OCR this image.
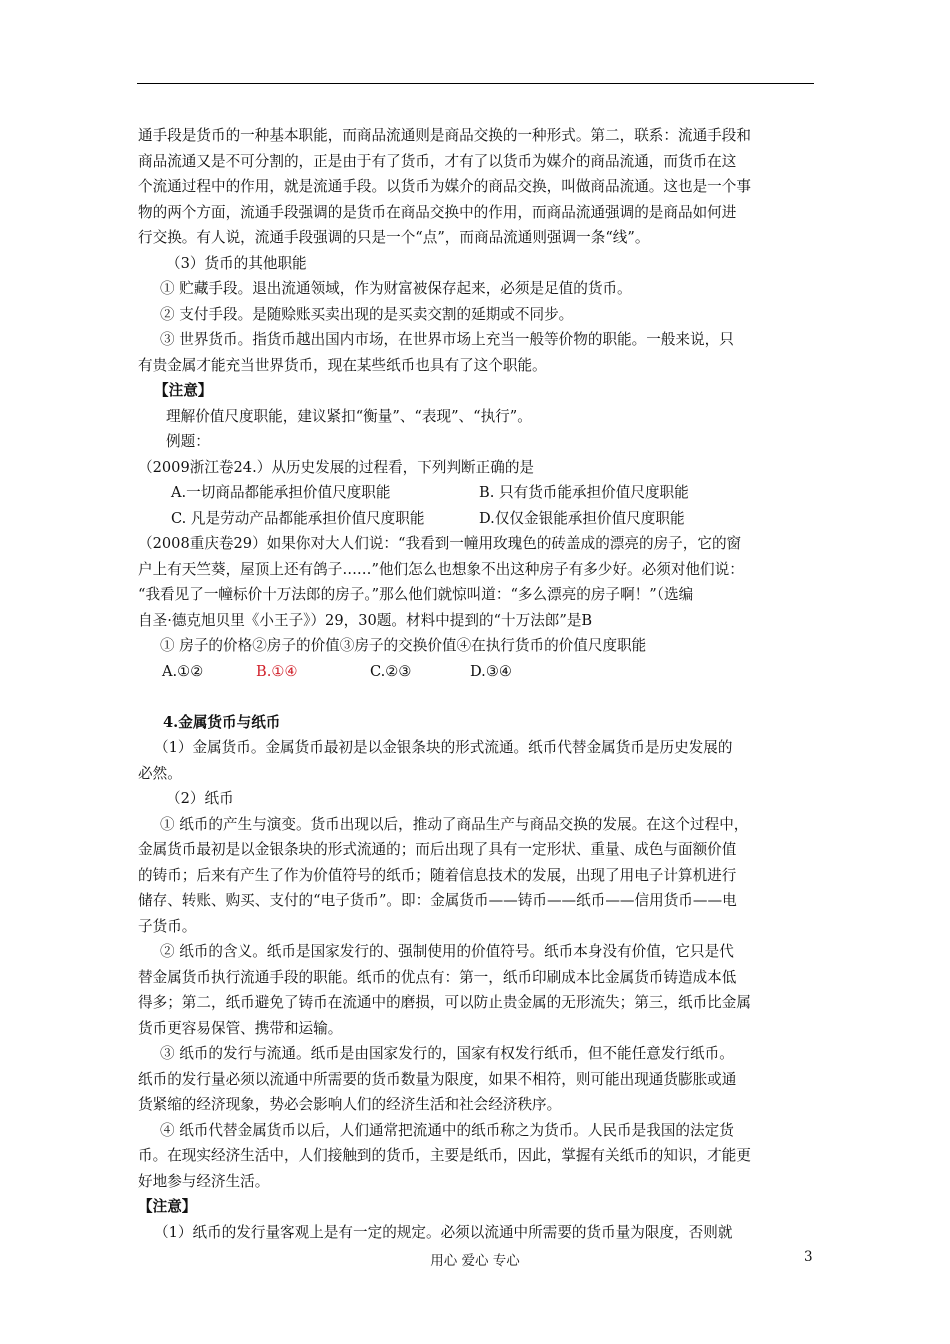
通手段是货币的一种基本职能，而商品流通则是商品交换的一种形式。第二，联系：流通手段和
商品流通又是不可分割的，正是由于有了货币，才有了以货币为媒介的商品流通，而货币在这
个流通过程中的作用，就是流通手段。以货币为媒介的商品交换，叫做商品流通。这也是一个事
物的两个方面，流通手段强调的是货币在商品交换中的作用，而商品流通强调的是商品如何进
行交换。有人说，流通手段强调的只是一个“点”，而商品流通则强调一条“线”。
（3）货币的其他职能
① 贮藏手段。退出流通领域，作为财富被保存起来，必须是足值的货币。
② 支付手段。是随赊账买卖出现的是买卖交割的延期或不同步。
③ 世界货币。指货币越出国内市场，在世界市场上充当一般等价物的职能。一般来说，只
有贵金属才能充当世界货币，现在某些纸币也具有了这个职能。
【注意】
理解价值尺度职能，建议紧扣“衡量”、“表现”、“执行”。
例题：
（2009浙江卷24.）从历史发展的过程看，下列判断正确的是
A.一切商品都能承担价值尺度职能	B. 只有货币能承担价值尺度职能
C. 凡是劳动产品都能承担价值尺度职能	D.仅仅金银能承担价值尺度职能
（2008重庆卷29）如果你对大人们说：“我看到一幢用玫瑰色的砖盖成的漂亮的房子，它的窗
户上有天竺葵，屋顶上还有鸽子……”他们怎么也想象不出这种房子有多少好。必须对他们说：
“我看见了一幢标价十万法郎的房子。”那么他们就惊叫道：“多么漂亮的房子啊！”（选编
自圣·德克旭贝里《小王子》）29，30题。材料中提到的“十万法郎”是B
① 房子的价格②房子的价值③房子的交换价值④在执行货币的价值尺度职能
A.①②	B.①④	C.②③	D.③④
4.金属货币与纸币
（1）金属货币。金属货币最初是以金银条块的形式流通。纸币代替金属货币是历史发展的
必然。
（2）纸币
① 纸币的产生与演变。货币出现以后，推动了商品生产与商品交换的发展。在这个过程中，
金属货币最初是以金银条块的形式流通的；而后出现了具有一定形状、重量、成色与面额价值
的铸币；后来有产生了作为价值符号的纸币；随着信息技术的发展，出现了用电子计算机进行
储存、转账、购买、支付的“电子货币”。即：金属货币——铸币——纸币——信用货币——电
子货币。
② 纸币的含义。纸币是国家发行的、强制使用的价值符号。纸币本身没有价值，它只是代
替金属货币执行流通手段的职能。纸币的优点有：第一，纸币印刷成本比金属货币铸造成本低
得多；第二，纸币避免了铸币在流通中的磨损，可以防止贵金属的无形流失；第三，纸币比金属
货币更容易保管、携带和运输。
③ 纸币的发行与流通。纸币是由国家发行的，国家有权发行纸币，但不能任意发行纸币。
纸币的发行量必须以流通中所需要的货币数量为限度，如果不相符，则可能出现通货膨胀或通
货紧缩的经济现象，势必会影响人们的经济生活和社会经济秩序。
④ 纸币代替金属货币以后，人们通常把流通中的纸币称之为货币。人民币是我国的法定货
币。在现实经济生活中，人们接触到的货币，主要是纸币，因此，掌握有关纸币的知识，才能更
好地参与经济生活。
【注意】
（1）纸币的发行量客观上是有一定的规定。必须以流通中所需要的货币量为限度，否则就
用心 爱心 专心	3
